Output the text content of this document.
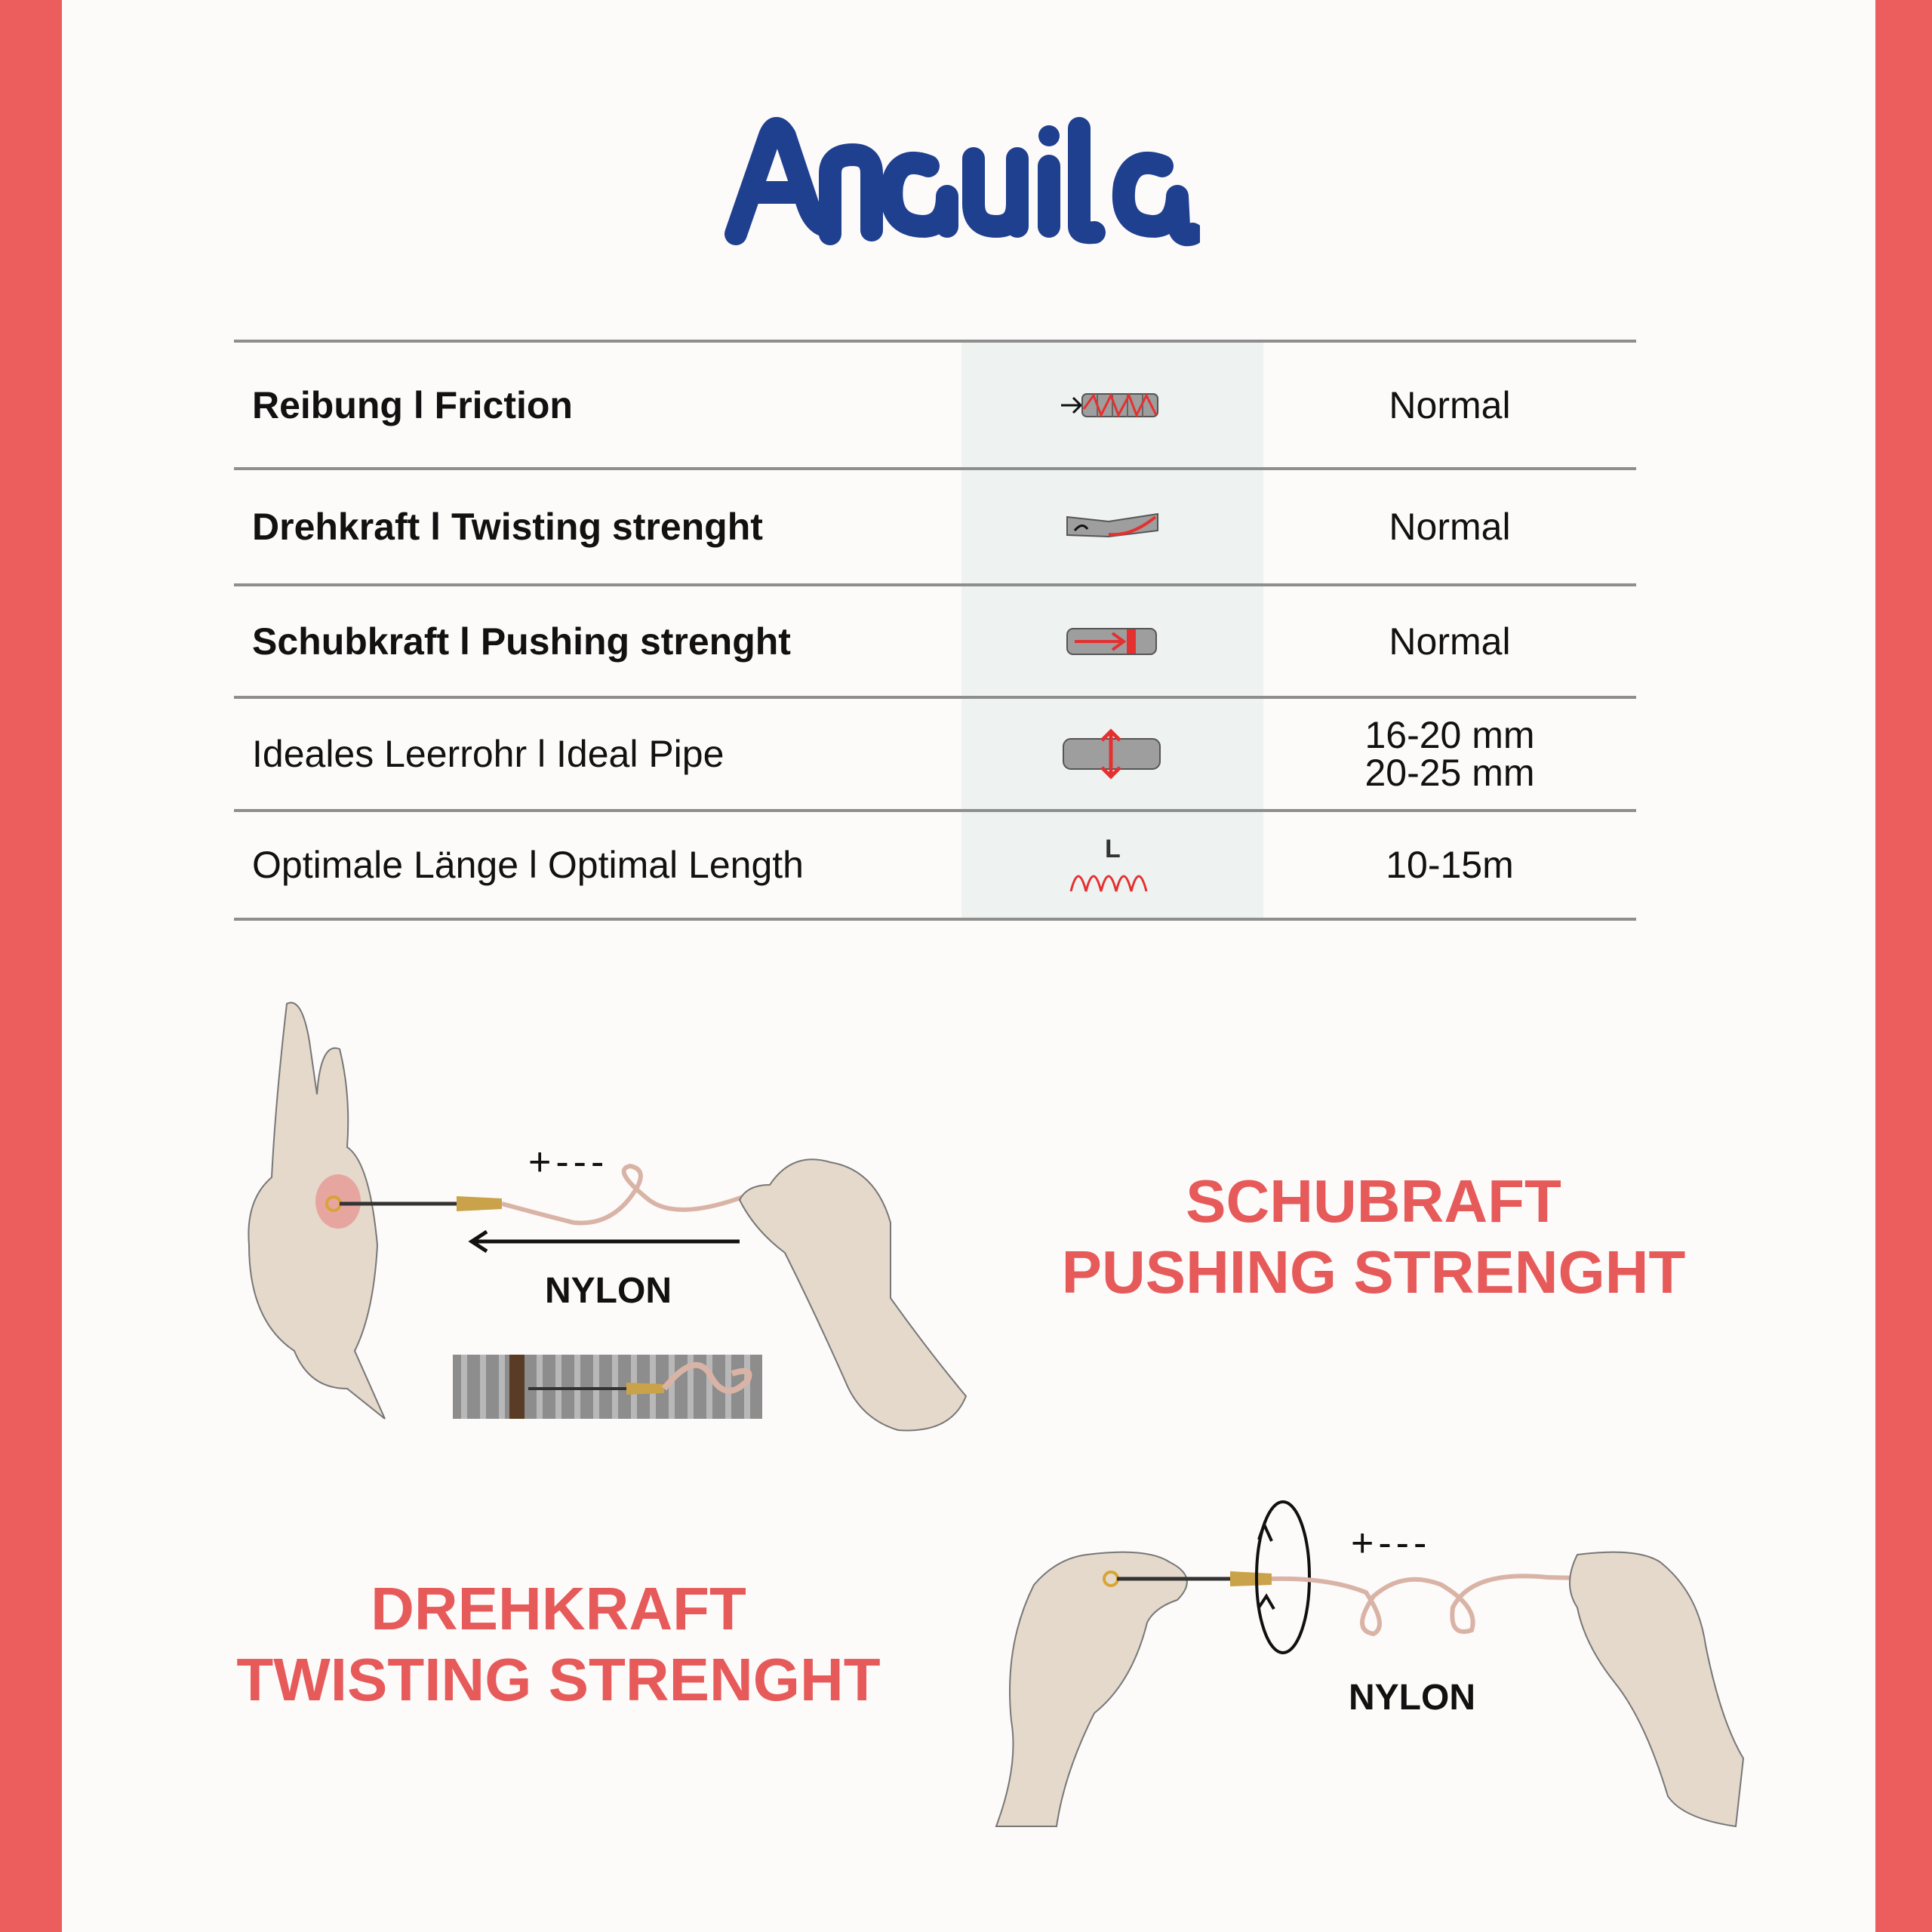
Reibung l Friction	Normal
Drehkraft l Twisting strenght	Normal
Schubkraft l Pushing strenght	Normal
Ideales Leerrohr l Ideal Pipe	16-20 mm
20-25 mm
Optimale Länge l Optimal Length	L	10-15m
+---
NYLON
SCHUBRAFT
PUSHING STRENGHT
DREHKRAFT
TWISTING STRENGHT
+---
NYLON
